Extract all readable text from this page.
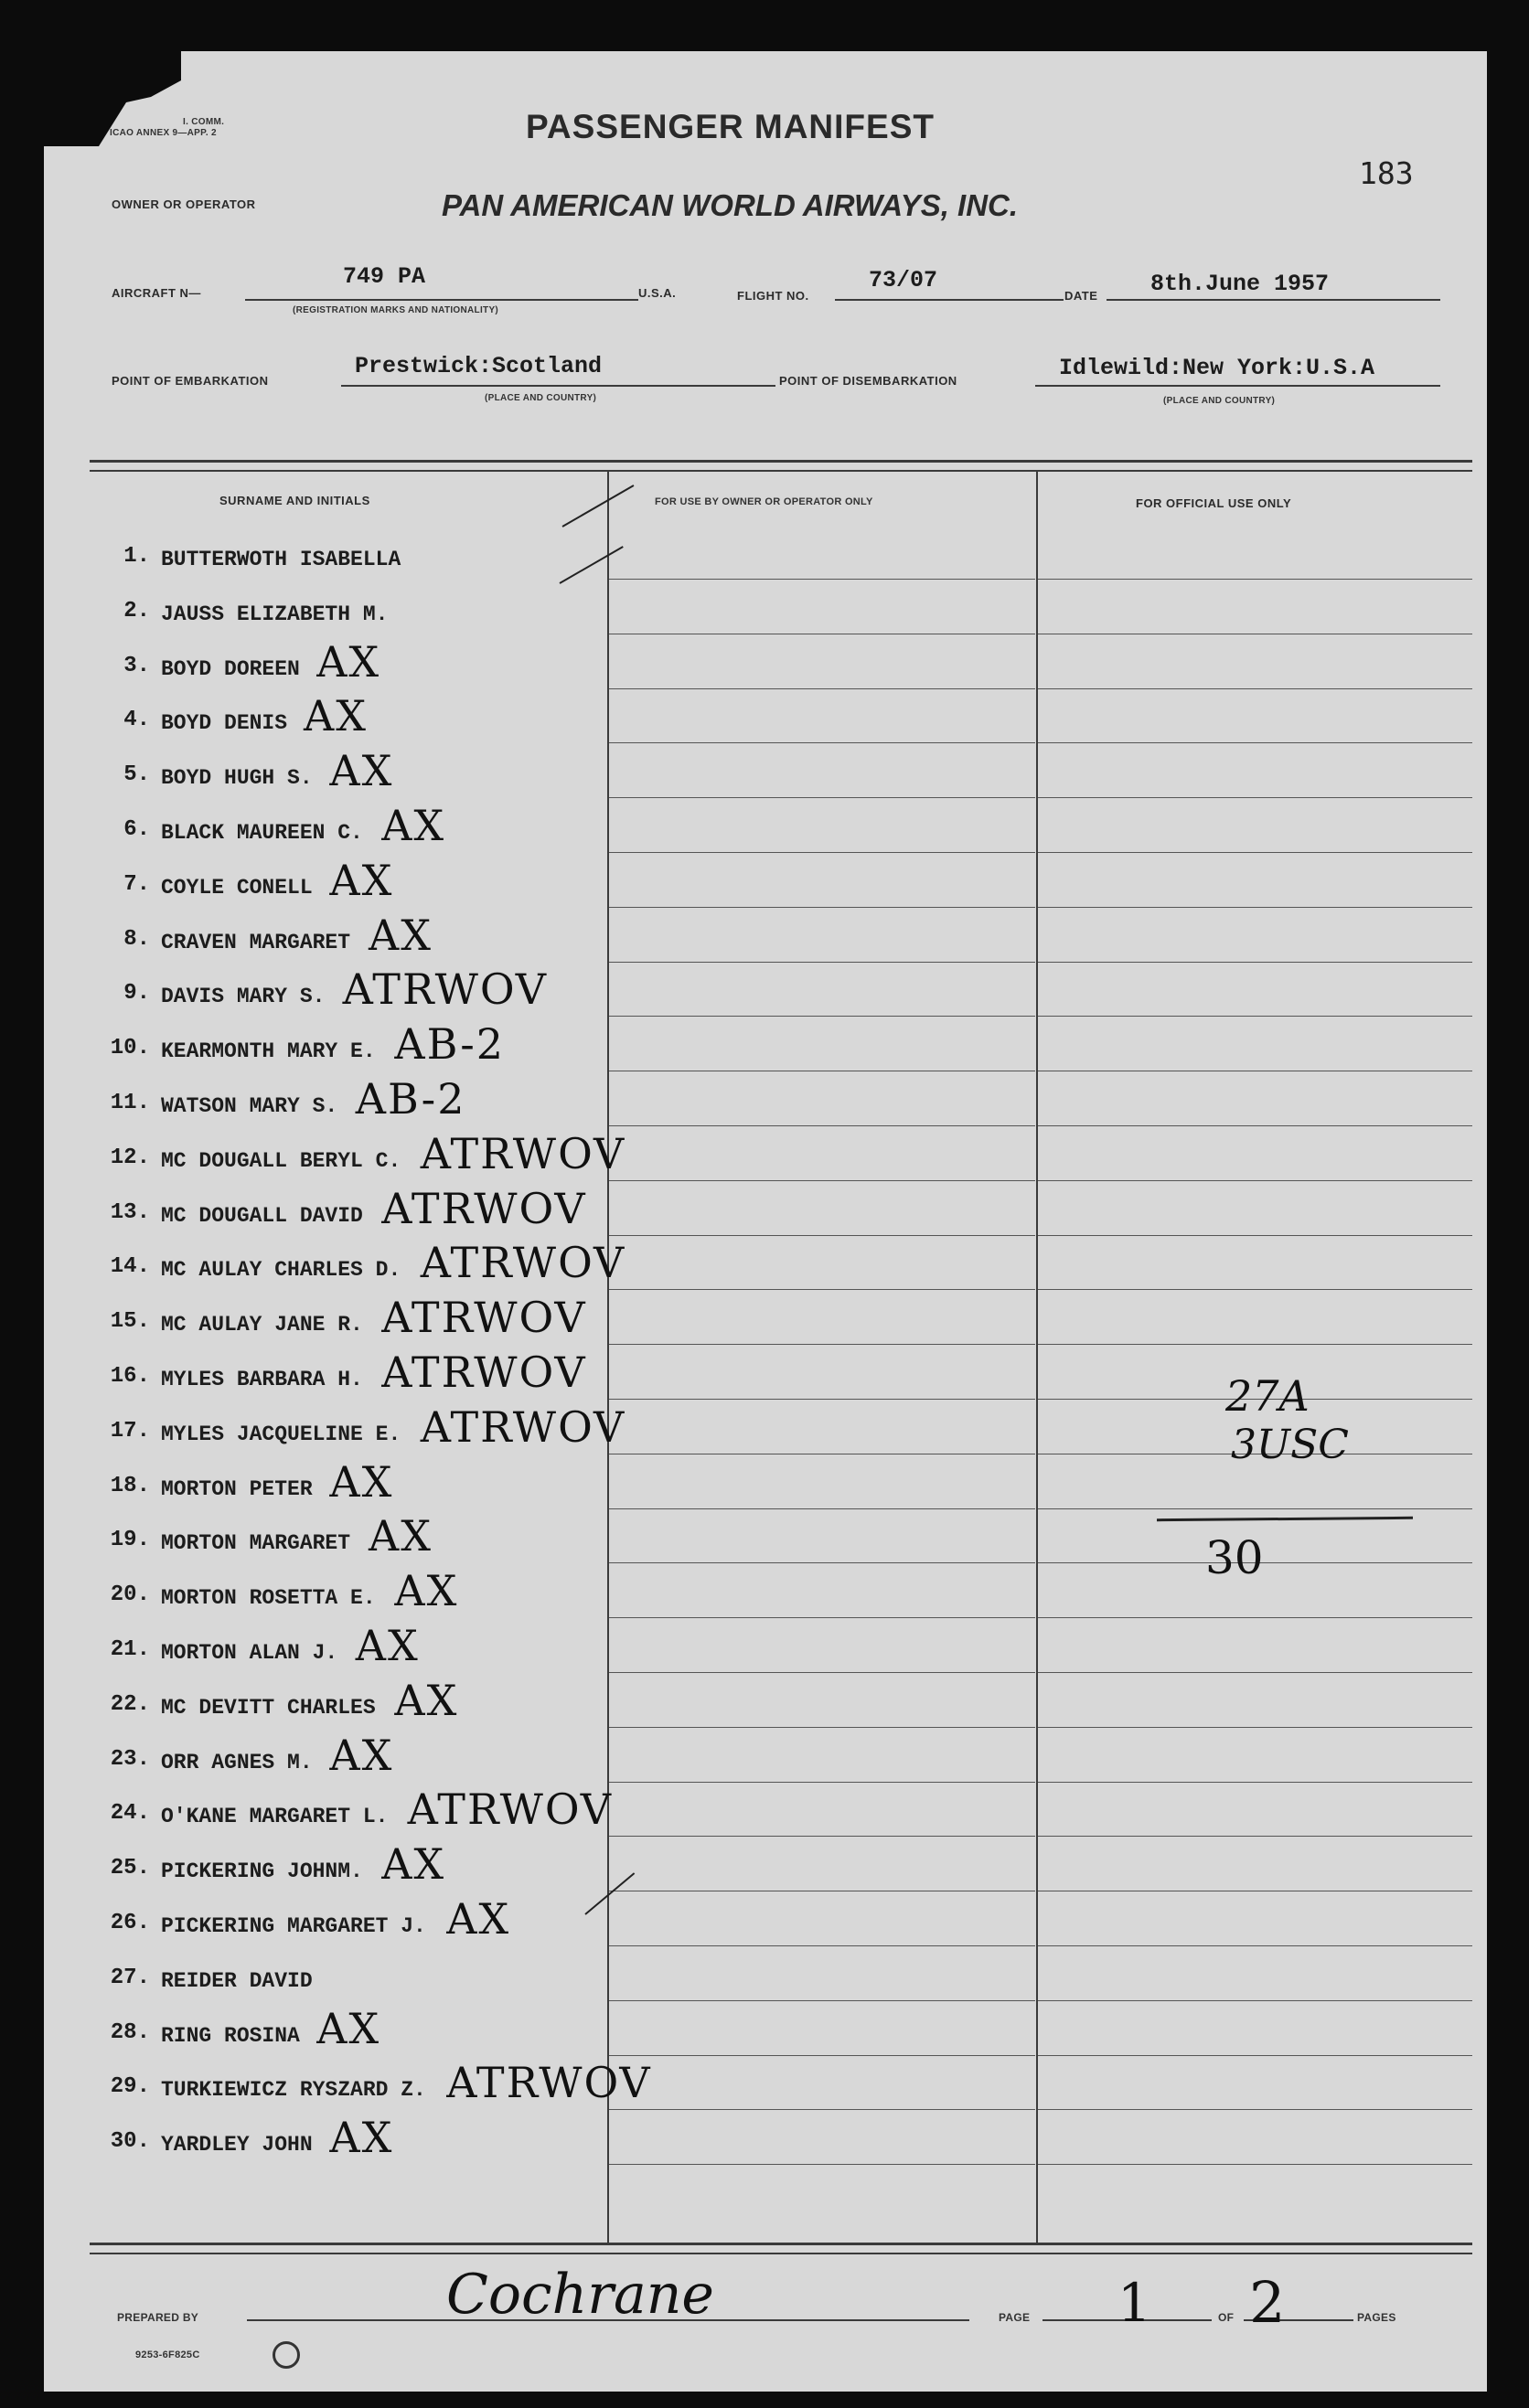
I. COMM.
ICAO ANNEX 9—APP. 2	PASSENGER MANIFEST
183
OWNER OR OPERATOR	PAN AMERICAN WORLD AIRWAYS, INC.
AIRCRAFT N—
749 PA
(REGISTRATION MARKS AND NATIONALITY)
U.S.A.	FLIGHT NO.
73/07
DATE 8th.June 1957
POINT OF EMBARKATION
Prestwick:Scotland
(PLACE AND COUNTRY)
POINT OF DISEMBARKATION	Idlewild:New York:U.S.A
(PLACE AND COUNTRY)
SURNAME AND INITIALS	FOR USE BY OWNER OR OPERATOR ONLY	FOR OFFICIAL USE ONLY
1. BUTTERWOTH ISABELLA
2. JAUSS ELIZABETH M.
3. BOYD DOREEN AX
4. BOYD DENIS AX
5. BOYD HUGH S. AX
6. BLACK MAUREEN C. AX
7. COYLE CONELL AX
8. CRAVEN MARGARET AX
9. DAVIS MARY S. ATRWOV
10. KEARMONTH MARY E. AB-2
11. WATSON MARY S. AB-2
12. MC DOUGALL BERYL C. ATRWOV
13. MC DOUGALL DAVID ATRWOV
14. MC AULAY CHARLES D. ATRWOV
15. MC AULAY JANE R. ATRWOV
16. MYLES BARBARA H. ATRWOV
17. MYLES JACQUELINE E. ATRWOV
18. MORTON PETER AX
19. MORTON MARGARET AX
20. MORTON ROSETTA E. AX
21. MORTON ALAN J. AX
22. MC DEVITT CHARLES AX
23. ORR AGNES M. AX
24. O'KANE MARGARET L. ATRWOV
25. PICKERING JOHNM. AX
26. PICKERING MARGARET J. AX
27. REIDER DAVID
28. RING ROSINA AX
29. TURKIEWICZ RYSZARD Z. ATRWOV
30. YARDLEY JOHN AX
27A
3USC
30
PREPARED BY	Cochrane	PAGE 1	OF 2	PAGES
9253-6F825C
